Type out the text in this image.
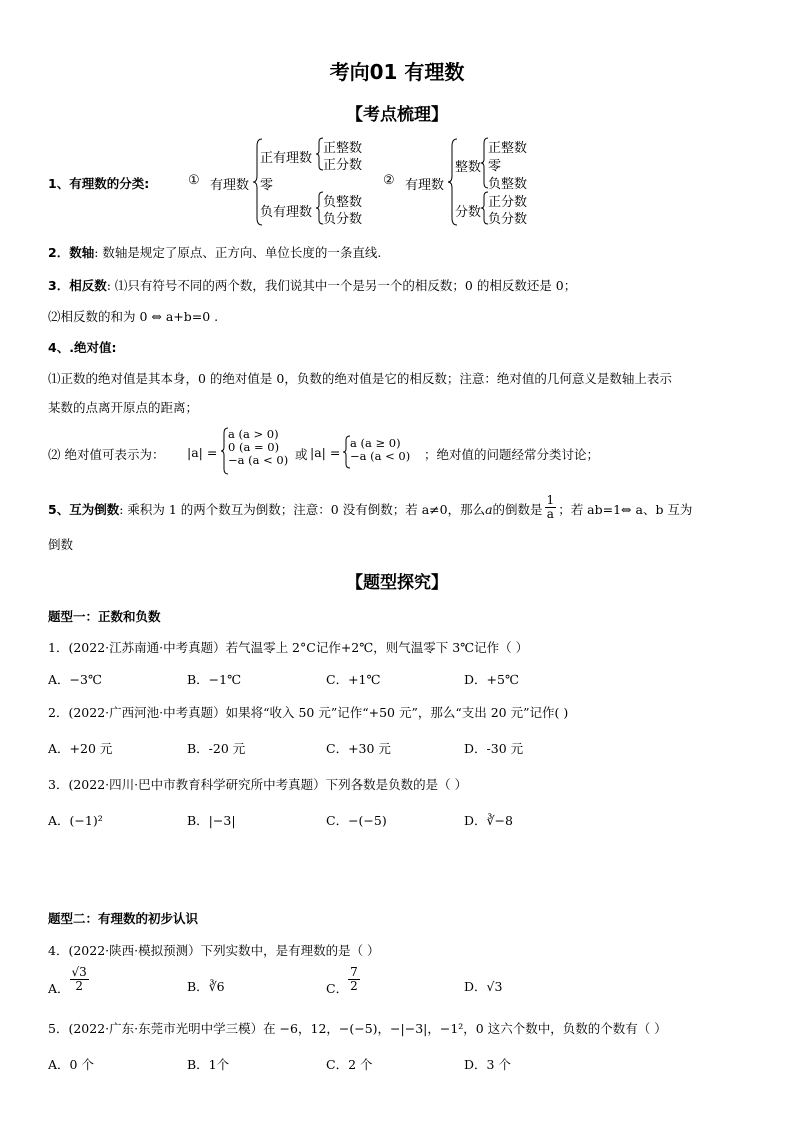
考向01 有理数
【考点梳理】
1、有理数的分类:	① 有理数
正有理数
零
负有理数
正整数
正分数
负整数
负分数
② 有理数
整数
分数
正整数
零
负整数
正分数
负分数
2．数轴: 数轴是规定了原点、正方向、单位长度的一条直线.
3．相反数: ⑴只有符号不同的两个数，我们说其中一个是另一个的相反数；0 的相反数还是 0；
⑵相反数的和为 0 ⇔ a+b=0 .
4、.绝对值:
⑴正数的绝对值是其本身，0 的绝对值是 0，负数的绝对值是它的相反数；注意：绝对值的几何意义是数轴上表示
某数的点离开原点的距离；
⑵ 绝对值可表示为： |a| =
a (a > 0)
0 (a = 0)
−a (a < 0) 或 |a| =
a (a ≥ 0)
−a (a < 0) ；绝对值的问题经常分类讨论；
5、互为倒数: 乘积为 1 的两个数互为倒数；注意：0 没有倒数；若 a≠0，那么a的倒数是 $\frac{1}{a}$ ；若 ab=1⇔ a、b 互为
倒数
【题型探究】
题型一：正数和负数
1．(2022·江苏南通·中考真题）若气温零上 2°C记作+2℃，则气温零下 3℃记作（ ）
A．−3℃	B．−1℃	C．+1℃	D．+5℃
2．(2022·广西河池·中考真题）如果将“收入 50 元”记作“+50 元”，那么“支出 20 元”记作( )
A．+20 元	B．-20 元	C．+30 元	D．-30 元
3．(2022·四川·巴中市教育科学研究所中考真题）下列各数是负数的是（ ）
A．(−1)²	B．|−3|	C．−(−5)	D．∛−8
题型二：有理数的初步认识
4．(2022·陕西·模拟预测）下列实数中，是有理数的是（ ）
A． $\frac{√3}{2}$	B．∛6	C． $\frac{7}{2}$	D．√3
5．(2022·广东·东莞市光明中学三模）在 −6，12，−(−5)，−|−3|，−1²，0 这六个数中，负数的个数有（ ）
A．0 个	B．1个	C．2 个	D．3 个
